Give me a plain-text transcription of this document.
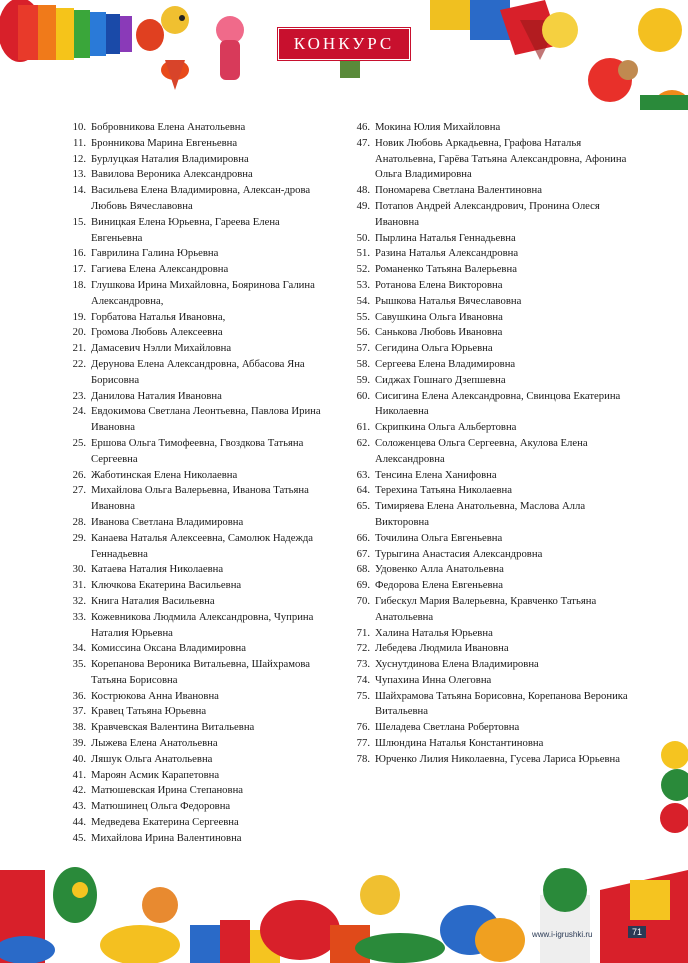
КОНКУРС
10. Бобровникова Елена Анатольевна
11. Бронникова Марина Евгеньевна
12. Бурлуцкая Наталия Владимировна
13. Вавилова Вероника Александровна
14. Васильева Елена Владимировна, Алексан-дрова Любовь Вячеславовна
15. Виницкая Елена Юрьевна, Гареева Елена Евгеньевна
16. Гаврилина Галина Юрьевна
17. Гагиева Елена Александровна
18. Глушкова Ирина Михайловна, Бояринова Галина Александровна,
19. Горбатова Наталья Ивановна,
20. Громова Любовь Алексеевна
21. Дамасевич Нэлли Михайловна
22. Дерунова Елена Александровна, Аббасова Яна Борисовна
23. Данилова Наталия Ивановна
24. Евдокимова Светлана Леонтьевна, Павлова Ирина Ивановна
25. Ершова Ольга Тимофеевна, Гвоздкова Татьяна Сергеевна
26. Жаботинская Елена Николаевна
27. Михайлова Ольга Валерьевна, Иванова Татьяна Ивановна
28. Иванова Светлана Владимировна
29. Канаева Наталья Алексеевна, Самолюк Надежда Геннадьевна
30. Катаева Наталия Николаевна
31. Ключкова Екатерина Васильевна
32. Книга Наталия Васильевна
33. Кожевникова Людмила Александровна, Чуприна Наталия Юрьевна
34. Комиссина Оксана Владимировна
35. Корепанова Вероника Витальевна, Шайхрамова Татьяна Борисовна
36. Кострюкова Анна Ивановна
37. Кравец Татьяна Юрьевна
38. Кравчевская Валентина Витальевна
39. Лыжева Елена Анатольевна
40. Ляшук Ольга Анатольевна
41. Мароян Асмик Карапетовна
42. Матюшевская Ирина Степановна
43. Матюшинец Ольга Федоровна
44. Медведева Екатерина Сергеевна
45. Михайлова Ирина Валентиновна
46. Мокина Юлия Михайловна
47. Новик Любовь Аркадьевна, Графова Наталья Анатольевна, Гарёва Татьяна Александровна, Афонина Ольга Владимировна
48. Пономарева Светлана Валентиновна
49. Потапов Андрей Александрович, Пронина Олеся Ивановна
50. Пырлина Наталья Геннадьевна
51. Разина Наталья Александровна
52. Романенко Татьяна Валерьевна
53. Ротанова Елена Викторовна
54. Рышкова Наталья Вячеславовна
55. Савушкина Ольга Ивановна
56. Санькова Любовь Ивановна
57. Сегидина Ольга Юрьевна
58. Сергеева Елена Владимировна
59. Сиджах Гошнаго Дзепшевна
60. Сисигина Елена Александровна, Свинцова Екатерина Николаевна
61. Скрипкина Ольга Альбертовна
62. Соложенцева Ольга Сергеевна, Акулова Елена Александровна
63. Тенсина Елена Ханифовна
64. Терехина Татьяна Николаевна
65. Тимиряева Елена Анатольевна, Маслова Алла Викторовна
66. Точилина Ольга Евгеньевна
67. Турыгина Анастасия Александровна
68. Удовенко Алла Анатольевна
69. Федорова Елена Евгеньевна
70. Гибескул Мария Валерьевна, Кравченко Татьяна Анатольевна
71. Халина Наталья Юрьевна
72. Лебедева Людмила Ивановна
73. Хуснутдинова Елена Владимировна
74. Чупахина Инна Олеговна
75. Шайхрамова Татьяна Борисовна, Корепанова Вероника Витальевна
76. Шеладева Светлана Робертовна
77. Шлюндина Наталья Константиновна
78. Юрченко Лилия Николаевна, Гусева Лариса Юрьевна
www.i-igrushki.ru	71
